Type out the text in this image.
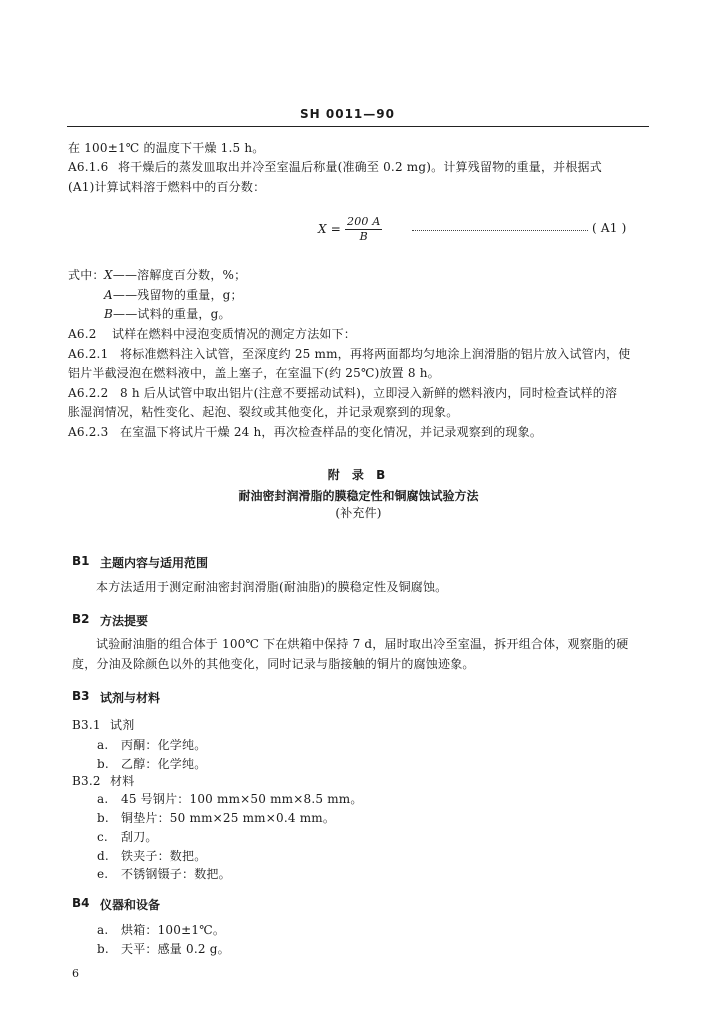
SH 0011—90
在 100±1℃ 的温度下干燥 1.5 h。
A6.1.6 将干燥后的蒸发皿取出并冷至室温后称量(准确至 0.2 mg)。计算残留物的重量，并根据式
(A1)计算试料溶于燃料中的百分数：
$X = \frac{200 A}{B}$	( A1 )
式中： X——溶解度百分数，%；
A——残留物的重量，g；
B——试料的重量，g。
A6.2 试样在燃料中浸泡变质情况的测定方法如下：
A6.2.1 将标准燃料注入试管，至深度约 25 mm，再将两面都均匀地涂上润滑脂的铝片放入试管内，使
铝片半截浸泡在燃料液中，盖上塞子，在室温下(约 25℃)放置 8 h。
A6.2.2 8 h 后从试管中取出铝片(注意不要摇动试料)，立即浸入新鲜的燃料液内，同时检查试样的溶
胀湿润情况，粘性变化、起泡、裂纹或其他变化，并记录观察到的现象。
A6.2.3 在室温下将试片干燥 24 h，再次检查样品的变化情况，并记录观察到的现象。
附 录 B
耐油密封润滑脂的膜稳定性和铜腐蚀试验方法
(补充件)
B1 主题内容与适用范围
本方法适用于测定耐油密封润滑脂(耐油脂)的膜稳定性及铜腐蚀。
B2 方法提要
试验耐油脂的组合体于 100℃ 下在烘箱中保持 7 d，届时取出冷至室温，拆开组合体，观察脂的硬
度，分油及除颜色以外的其他变化，同时记录与脂接触的铜片的腐蚀迹象。
B3 试剂与材料
B3.1 试剂
a. 丙酮：化学纯。
b. 乙醇：化学纯。
B3.2 材料
a. 45 号钢片：100 mm×50 mm×8.5 mm。
b. 铜垫片：50 mm×25 mm×0.4 mm。
c. 刮刀。
d. 铁夹子：数把。
e. 不锈钢镊子：数把。
B4 仪器和设备
a. 烘箱：100±1℃。
b. 天平：感量 0.2 g。
6
